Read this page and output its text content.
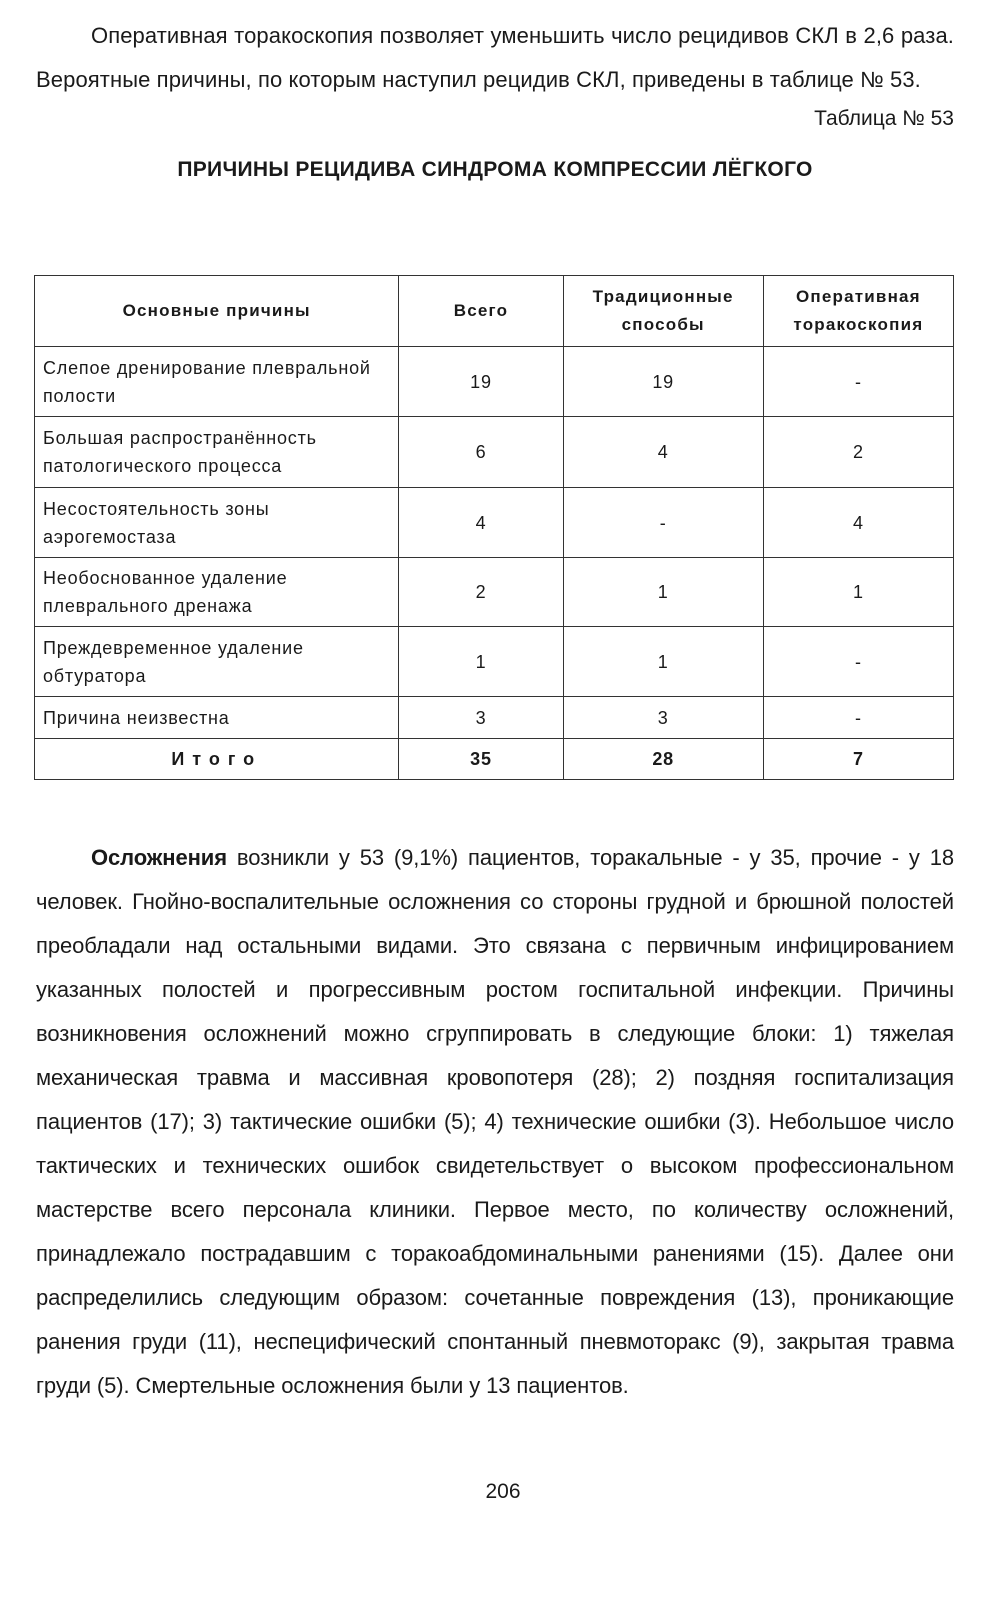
Оперативная торакоскопия позволяет уменьшить число рецидивов СКЛ в 2,6 раза. Вероятные причины, по которым наступил рецидив СКЛ, приведены в таблице № 53.

Таблица № 53
ПРИЧИНЫ РЕЦИДИВА СИНДРОМА КОМПРЕССИИ ЛЁГКОГО
Основные причины	Всего	Традиционные способы	Оперативная торакоскопия
Слепое дренирование плевральной полости	19	19	-
Большая распространённость патологического процесса	6	4	2
Несостоятельность зоны аэрогемостаза	4	-	4
Необоснованное удаление плеврального дренажа	2	1	1
Преждевременное удаление обтуратора	1	1	-
Причина неизвестна	3	3	-
Итого	35	28	7

Осложнения возникли у 53 (9,1%) пациентов, торакальные - у 35, прочие - у 18 человек. Гнойно-воспалительные осложнения со стороны грудной и брюшной полостей преобладали над остальными видами. Это связана с первичным инфицированием указанных полостей и прогрессивным ростом госпитальной инфекции. Причины возникновения осложнений можно сгруппировать в следующие блоки: 1) тяжелая механическая травма и массивная кровопотеря (28); 2) поздняя госпитализация пациентов (17); 3) тактические ошибки (5); 4) технические ошибки (3). Небольшое число тактических и технических ошибок свидетельствует о высоком профессиональном мастерстве всего персонала клиники. Первое место, по количеству осложнений, принадлежало пострадавшим с торакоабдоминальными ранениями (15). Далее они распределились следующим образом: сочетанные повреждения (13), проникающие ранения груди (11), неспецифический спонтанный пневмоторакс (9), закрытая травма груди (5). Смертельные осложнения были у 13 пациентов.

206
